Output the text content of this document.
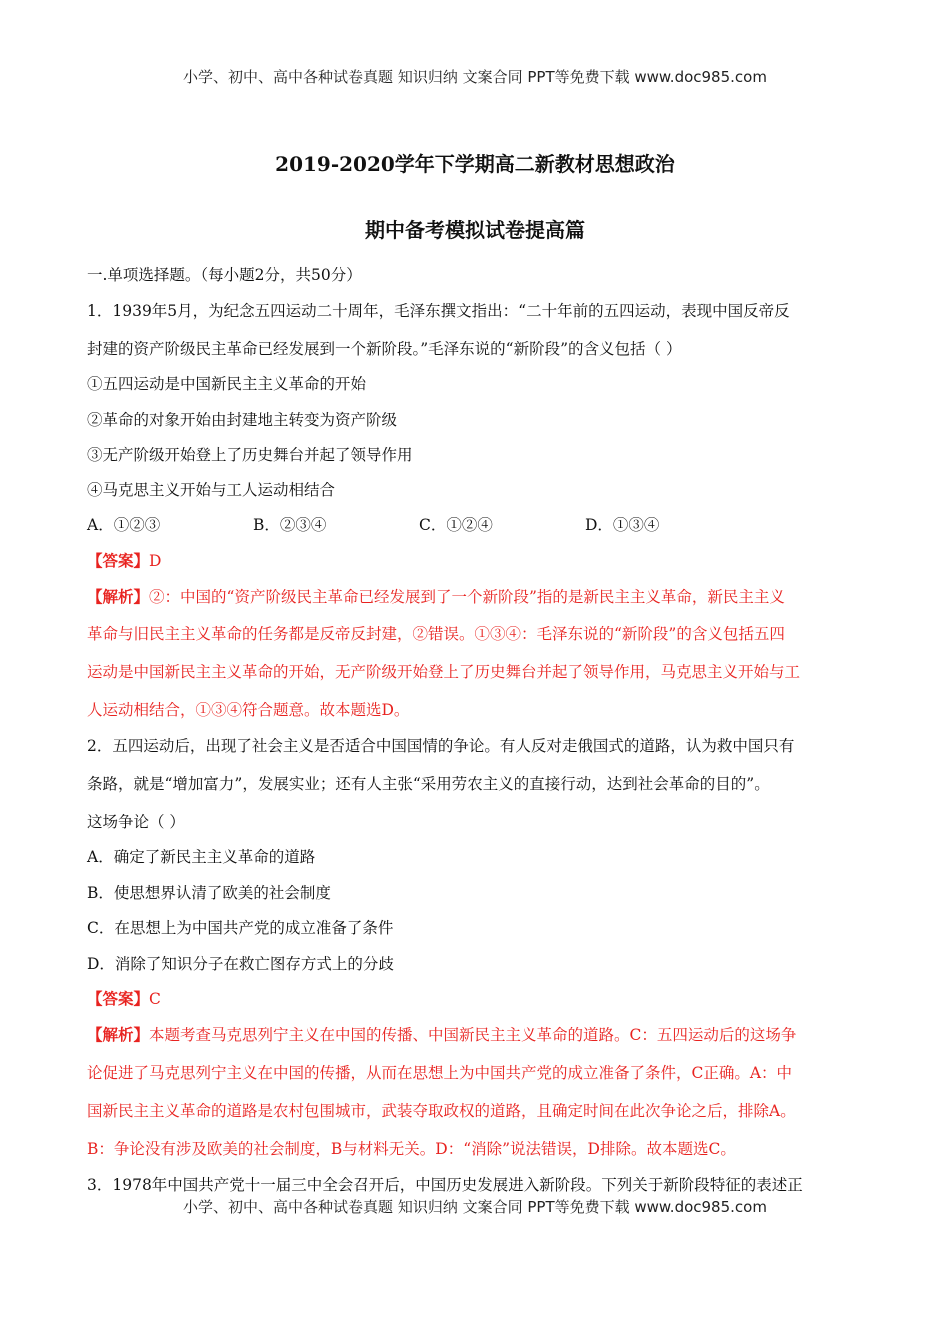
小学、初中、高中各种试卷真题 知识归纳 文案合同 PPT等免费下载 www.doc985.com
2019-2020学年下学期高二新教材思想政治
期中备考模拟试卷提高篇
一.单项选择题。（每小题2分，共50分）
1．1939年5月，为纪念五四运动二十周年，毛泽东撰文指出：“二十年前的五四运动，表现中国反帝反
封建的资产阶级民主革命已经发展到一个新阶段。”毛泽东说的“新阶段”的含义包括（ ）
①五四运动是中国新民主主义革命的开始
②革命的对象开始由封建地主转变为资产阶级
③无产阶级开始登上了历史舞台并起了领导作用
④马克思主义开始与工人运动相结合
A．①②③	B．②③④	C．①②④	D．①③④
【答案】D
【解析】②：中国的“资产阶级民主革命已经发展到了一个新阶段”指的是新民主主义革命，新民主主义
革命与旧民主主义革命的任务都是反帝反封建，②错误。①③④：毛泽东说的“新阶段”的含义包括五四
运动是中国新民主主义革命的开始，无产阶级开始登上了历史舞台并起了领导作用，马克思主义开始与工
人运动相结合，①③④符合题意。故本题选D。
2．五四运动后，出现了社会主义是否适合中国国情的争论。有人反对走俄国式的道路，认为救中国只有
条路，就是“增加富力”，发展实业；还有人主张“采用劳农主义的直接行动，达到社会革命的目的”。
这场争论（ ）
A．确定了新民主主义革命的道路
B．使思想界认清了欧美的社会制度
C．在思想上为中国共产党的成立准备了条件
D．消除了知识分子在救亡图存方式上的分歧
【答案】C
【解析】本题考查马克思列宁主义在中国的传播、中国新民主主义革命的道路。C：五四运动后的这场争
论促进了马克思列宁主义在中国的传播，从而在思想上为中国共产党的成立准备了条件，C正确。A：中
国新民主主义革命的道路是农村包围城市，武装夺取政权的道路，且确定时间在此次争论之后，排除A。
B：争论没有涉及欧美的社会制度，B与材料无关。D：“消除”说法错误，D排除。故本题选C。
3．1978年中国共产党十一届三中全会召开后，中国历史发展进入新阶段。下列关于新阶段特征的表述正
小学、初中、高中各种试卷真题 知识归纳 文案合同 PPT等免费下载 www.doc985.com
